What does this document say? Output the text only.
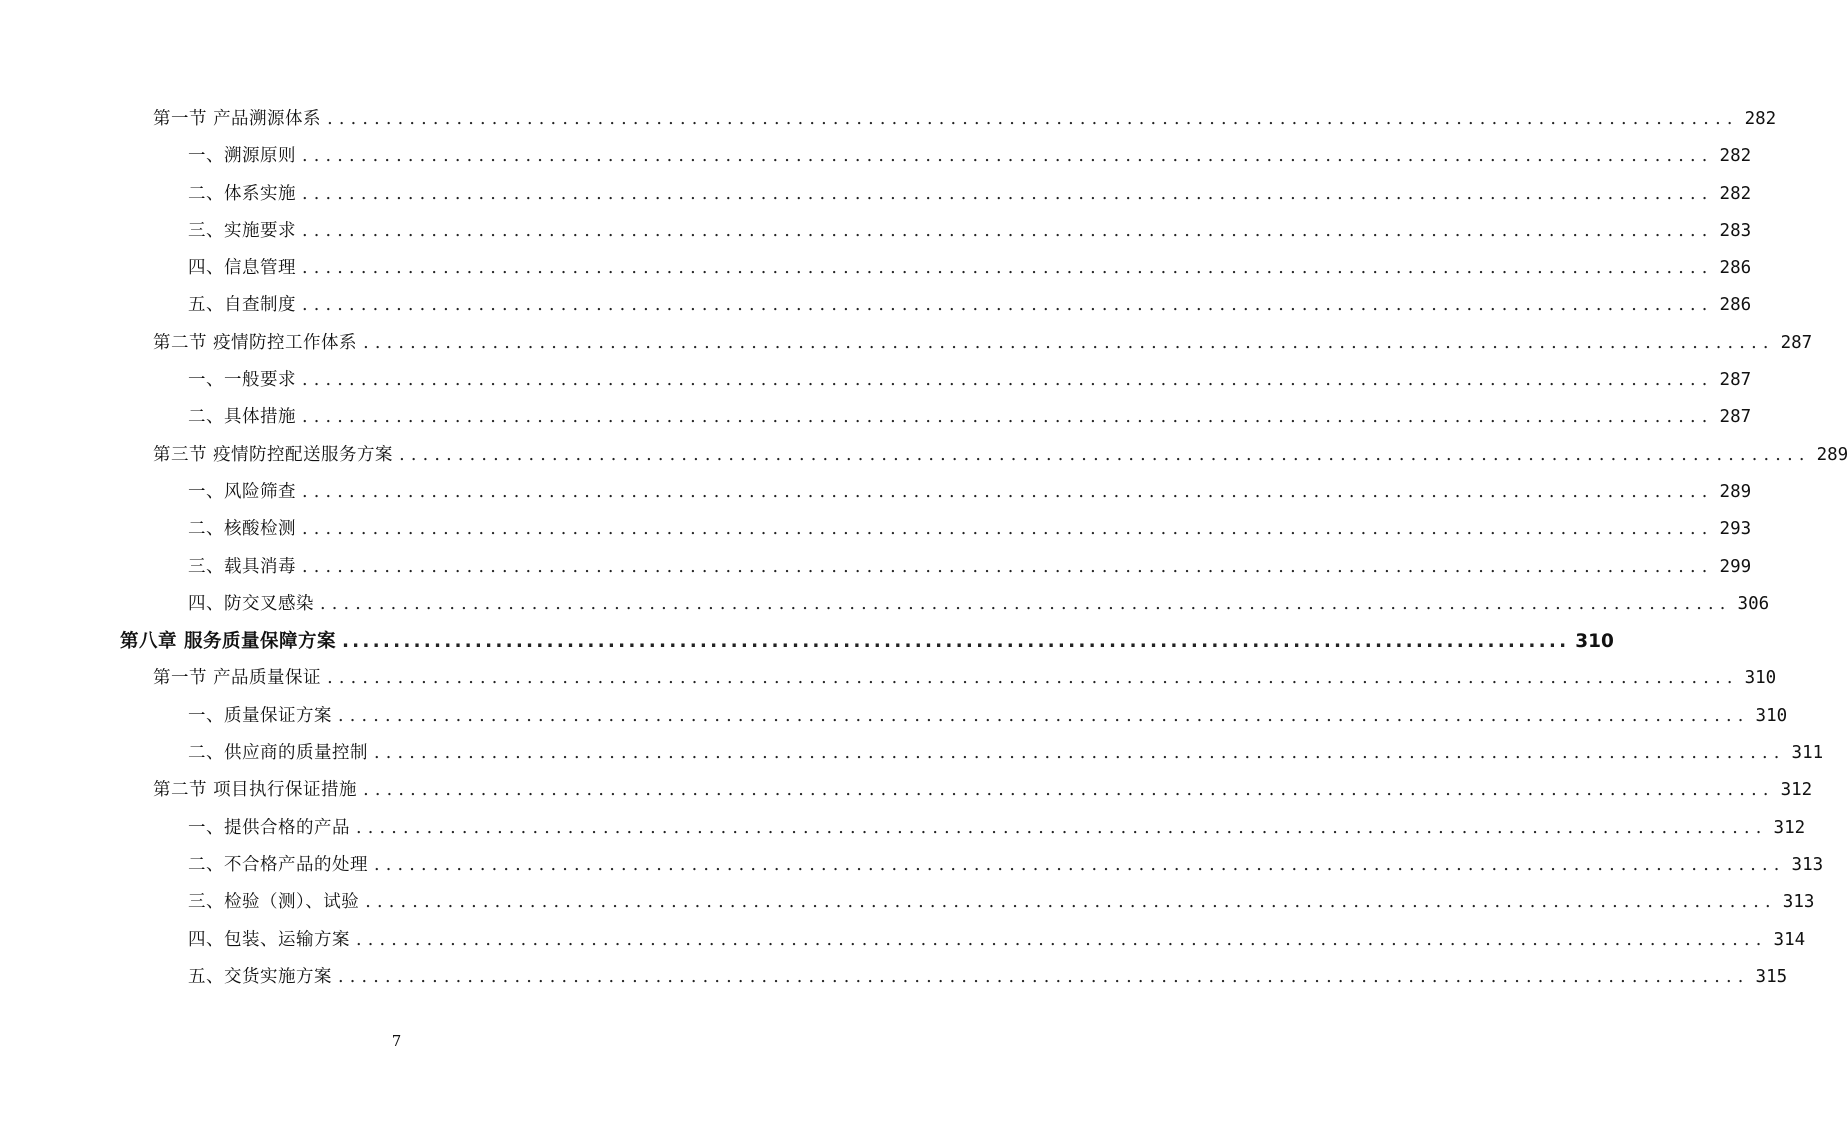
第一节 产品溯源体系 ........................................................................................................................ 282
一、溯源原则 ........................................................................................................................ 282
二、体系实施 ........................................................................................................................ 282
三、实施要求 ........................................................................................................................ 283
四、信息管理 ........................................................................................................................ 286
五、自查制度 ........................................................................................................................ 286
第二节 疫情防控工作体系 ........................................................................................................................ 287
一、一般要求 ........................................................................................................................ 287
二、具体措施 ........................................................................................................................ 287
第三节 疫情防控配送服务方案 ........................................................................................................................ 289
一、风险筛查 ........................................................................................................................ 289
二、核酸检测 ........................................................................................................................ 293
三、载具消毒 ........................................................................................................................ 299
四、防交叉感染 ........................................................................................................................ 306
第八章 服务质量保障方案 ........................................................................................................................ 310
第一节 产品质量保证 ........................................................................................................................ 310
一、质量保证方案 ........................................................................................................................ 310
二、供应商的质量控制 ........................................................................................................................ 311
第二节 项目执行保证措施 ........................................................................................................................ 312
一、提供合格的产品 ........................................................................................................................ 312
二、不合格产品的处理 ........................................................................................................................ 313
三、检验（测）、试验 ........................................................................................................................ 313
四、包装、运输方案 ........................................................................................................................ 314
五、交货实施方案 ........................................................................................................................ 315
7
